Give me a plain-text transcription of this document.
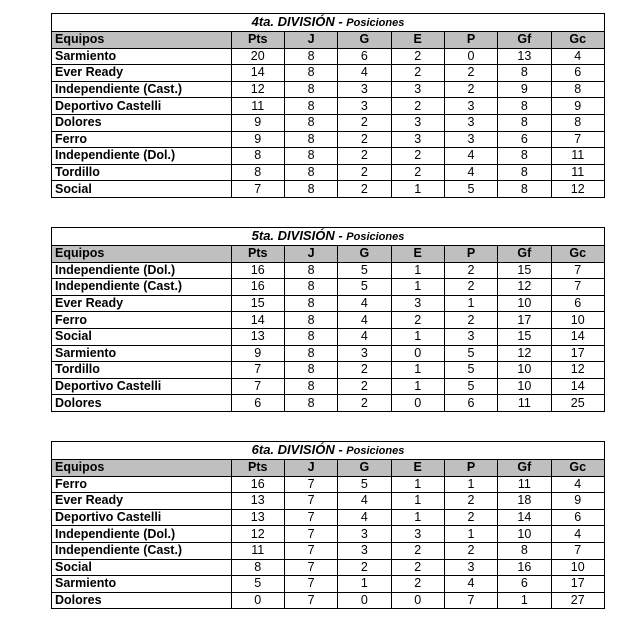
4ta. DIVISIÓN - Posiciones							
Equipos	Pts	J	G	E	P	Gf	Gc
Sarmiento	20	8	6	2	0	13	4
Ever Ready	14	8	4	2	2	8	6
Independiente (Cast.)	12	8	3	3	2	9	8
Deportivo Castelli	11	8	3	2	3	8	9
Dolores	9	8	2	3	3	8	8
Ferro	9	8	2	3	3	6	7
Independiente (Dol.)	8	8	2	2	4	8	11
Tordillo	8	8	2	2	4	8	11
Social	7	8	2	1	5	8	12
5ta. DIVISIÓN - Posiciones							
Equipos	Pts	J	G	E	P	Gf	Gc
Independiente (Dol.)	16	8	5	1	2	15	7
Independiente (Cast.)	16	8	5	1	2	12	7
Ever Ready	15	8	4	3	1	10	6
Ferro	14	8	4	2	2	17	10
Social	13	8	4	1	3	15	14
Sarmiento	9	8	3	0	5	12	17
Tordillo	7	8	2	1	5	10	12
Deportivo Castelli	7	8	2	1	5	10	14
Dolores	6	8	2	0	6	11	25
6ta. DIVISIÓN - Posiciones							
Equipos	Pts	J	G	E	P	Gf	Gc
Ferro	16	7	5	1	1	11	4
Ever Ready	13	7	4	1	2	18	9
Deportivo Castelli	13	7	4	1	2	14	6
Independiente (Dol.)	12	7	3	3	1	10	4
Independiente (Cast.)	11	7	3	2	2	8	7
Social	8	7	2	2	3	16	10
Sarmiento	5	7	1	2	4	6	17
Dolores	0	7	0	0	7	1	27
